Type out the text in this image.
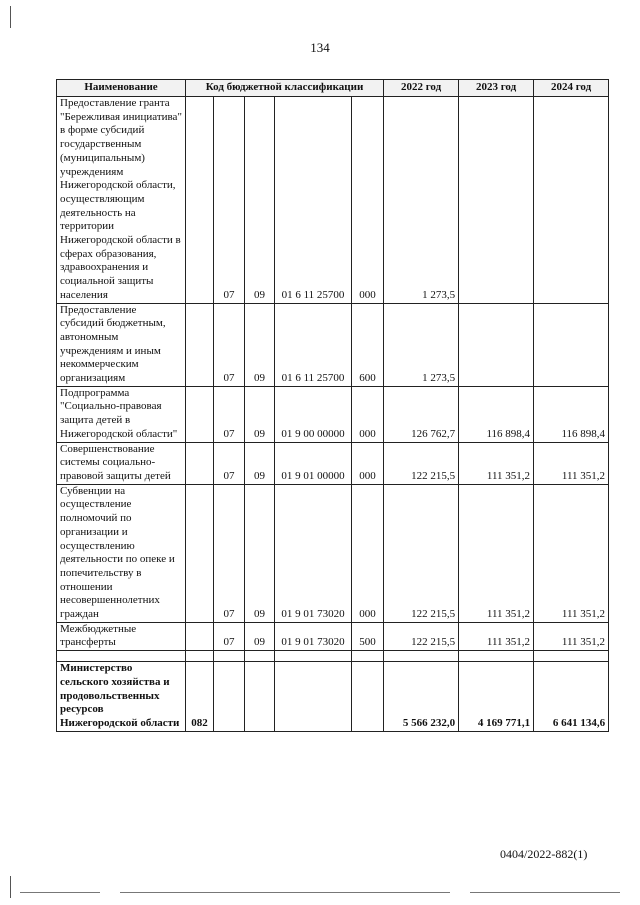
134
Наименование	Код бюджетной классификации					2022 год	2023 год	2024 год
Предоставление гранта "Бережливая инициатива" в форме субсидий государственным (муниципальным) учреждениям Нижегородской области, осуществляющим деятельность на территории Нижегородской области в сферах образования, здравоохранения и социальной защиты населения		07	09	01 6 11 25700	000	1 273,5		
Предоставление субсидий бюджетным, автономным учреждениям и иным некоммерческим организациям		07	09	01 6 11 25700	600	1 273,5		
Подпрограмма "Социально-правовая защита детей в Нижегородской области"		07	09	01 9 00 00000	000	126 762,7	116 898,4	116 898,4
Совершенствование системы социально-правовой защиты детей		07	09	01 9 01 00000	000	122 215,5	111 351,2	111 351,2
Субвенции на осуществление полномочий по организации и осуществлению деятельности по опеке и попечительству в отношении несовершеннолетних граждан		07	09	01 9 01 73020	000	122 215,5	111 351,2	111 351,2
Межбюджетные трансферты		07	09	01 9 01 73020	500	122 215,5	111 351,2	111 351,2

Министерство сельского хозяйства и продовольственных ресурсов Нижегородской области	082					5 566 232,0	4 169 771,1	6 641 134,6
0404/2022-882(1)
